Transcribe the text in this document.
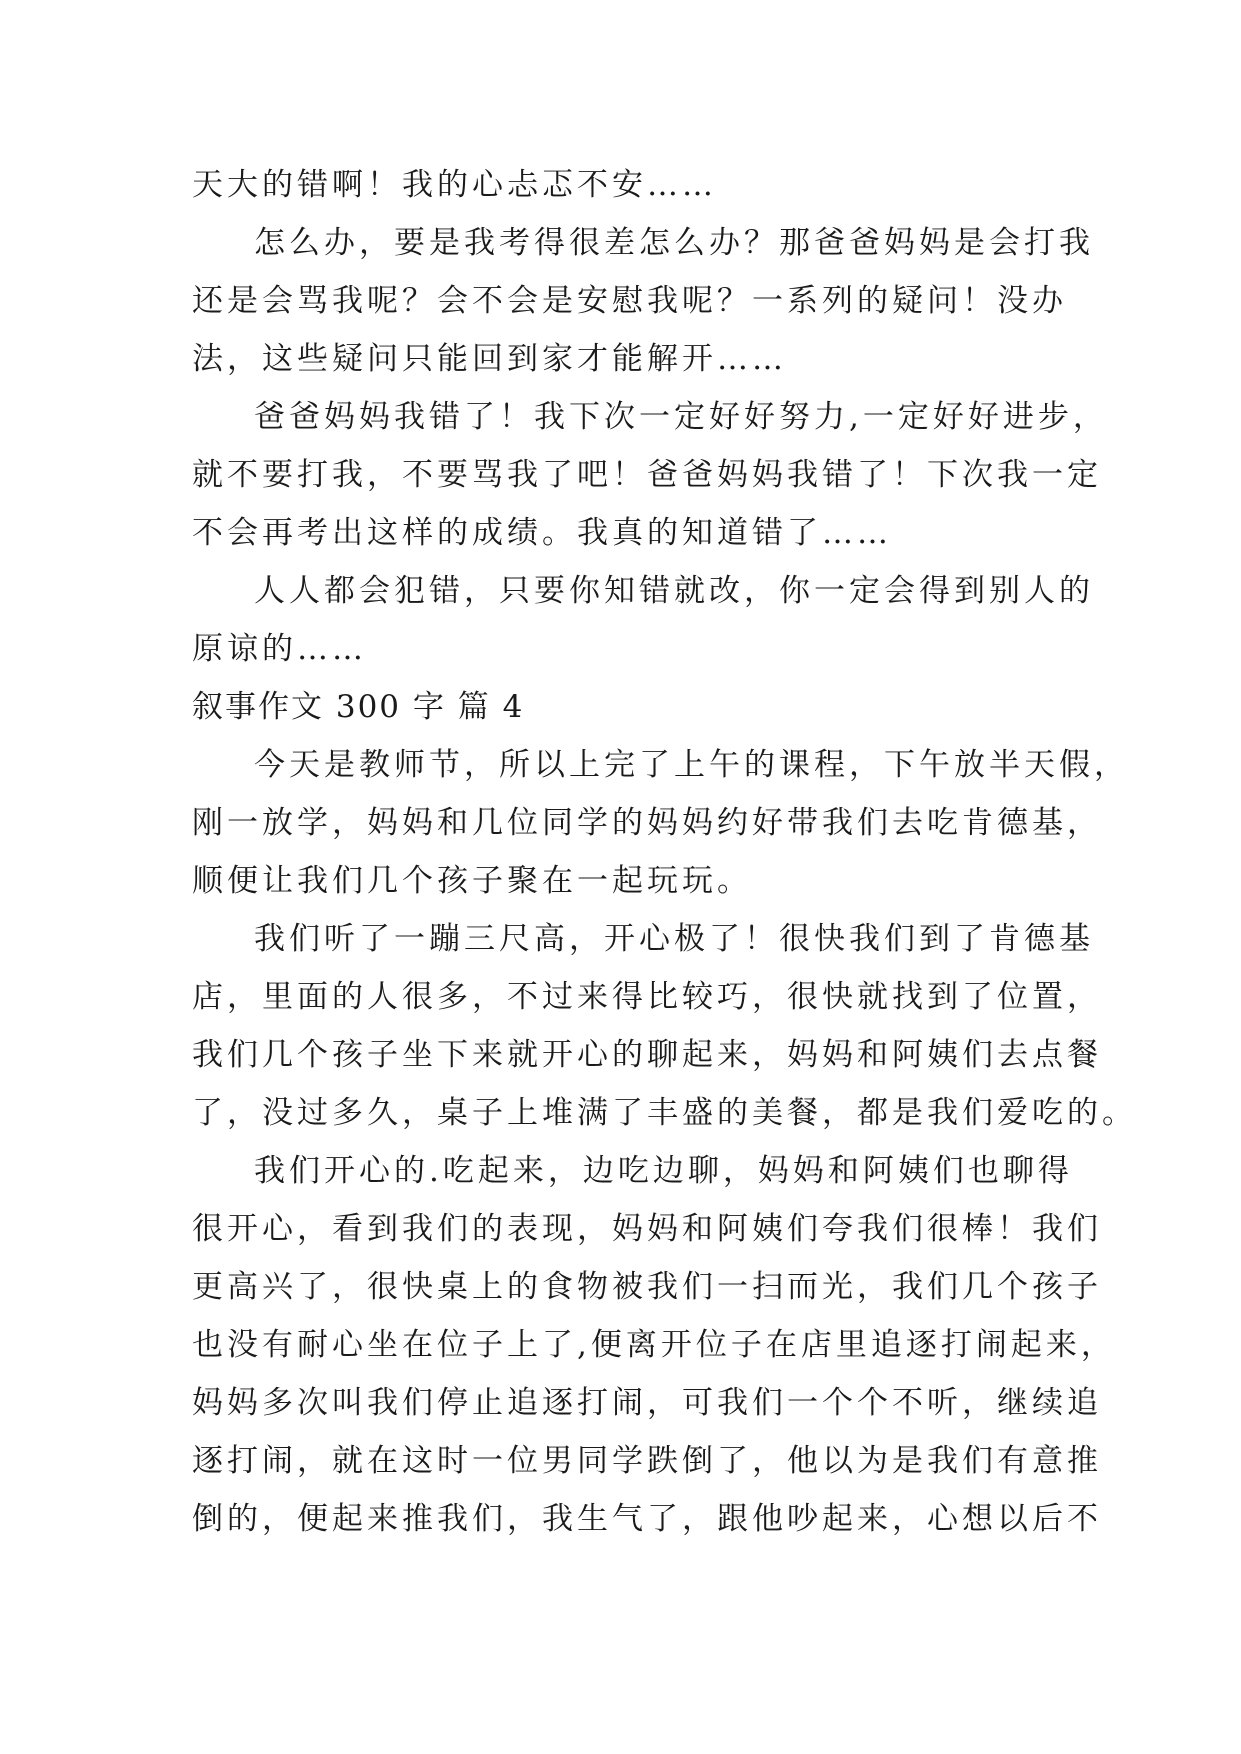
天大的错啊！我的心忐忑不安……

怎么办，要是我考得很差怎么办？那爸爸妈妈是会打我

还是会骂我呢？会不会是安慰我呢？一系列的疑问！没办

法，这些疑问只能回到家才能解开……

爸爸妈妈我错了！我下次一定好好努力,一定好好进步，

就不要打我，不要骂我了吧！爸爸妈妈我错了！下次我一定

不会再考出这样的成绩。我真的知道错了……

人人都会犯错，只要你知错就改，你一定会得到别人的

原谅的……

叙事作文 300 字 篇 4

今天是教师节，所以上完了上午的课程，下午放半天假，

刚一放学，妈妈和几位同学的妈妈约好带我们去吃肯德基，

顺便让我们几个孩子聚在一起玩玩。

我们听了一蹦三尺高，开心极了！很快我们到了肯德基

店，里面的人很多，不过来得比较巧，很快就找到了位置，

我们几个孩子坐下来就开心的聊起来，妈妈和阿姨们去点餐

了，没过多久，桌子上堆满了丰盛的美餐，都是我们爱吃的。

我们开心的.吃起来，边吃边聊，妈妈和阿姨们也聊得

很开心，看到我们的表现，妈妈和阿姨们夸我们很棒！我们

更高兴了，很快桌上的食物被我们一扫而光，我们几个孩子

也没有耐心坐在位子上了,便离开位子在店里追逐打闹起来，

妈妈多次叫我们停止追逐打闹，可我们一个个不听，继续追

逐打闹，就在这时一位男同学跌倒了，他以为是我们有意推

倒的，便起来推我们，我生气了，跟他吵起来，心想以后不
